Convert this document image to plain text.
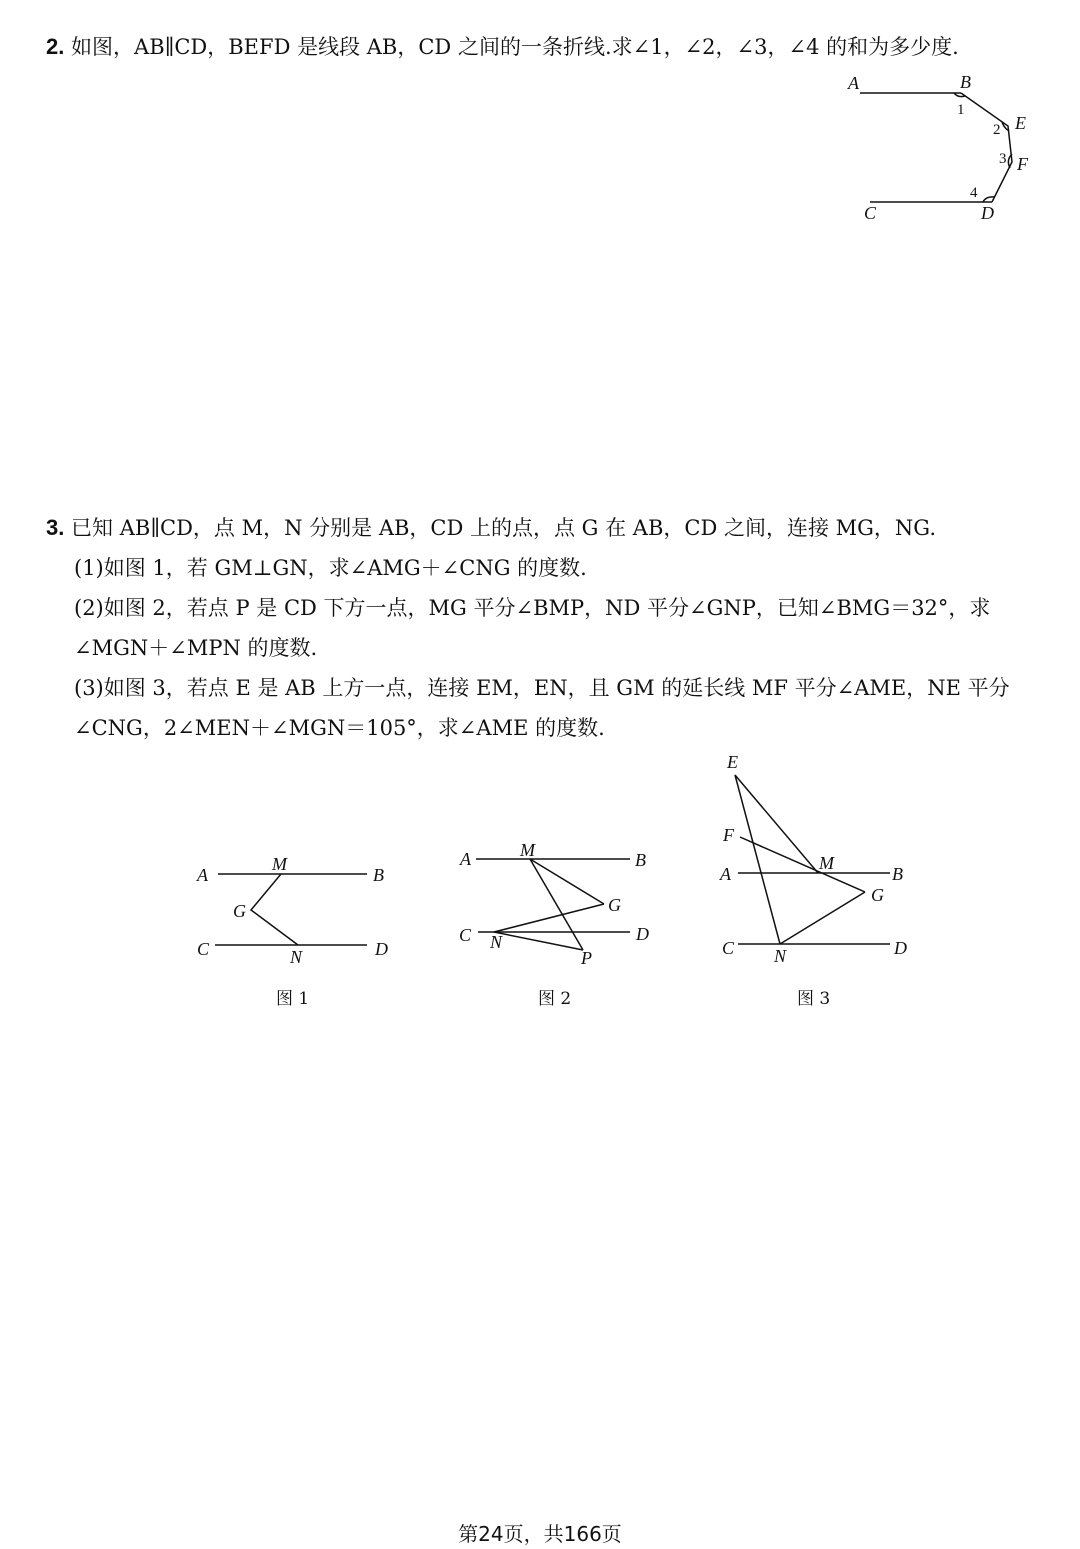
2. 如图，AB∥CD，BEFD 是线段 AB，CD 之间的一条折线.求∠1，∠2，∠3，∠4 的和为多少度.
A	B
E
F
C	D
1
2
3
4
3. 已知 AB∥CD，点 M，N 分别是 AB，CD 上的点，点 G 在 AB，CD 之间，连接 MG，NG.
(1)如图 1，若 GM⊥GN，求∠AMG＋∠CNG 的度数.
(2)如图 2，若点 P 是 CD 下方一点，MG 平分∠BMP，ND 平分∠GNP，已知∠BMG＝32°，求
∠MGN＋∠MPN 的度数.
(3)如图 3，若点 E 是 AB 上方一点，连接 EM，EN，且 GM 的延长线 MF 平分∠AME，NE 平分
∠CNG，2∠MEN＋∠MGN＝105°，求∠AME 的度数.
A
M
B
G
C	N	D
A	M	B
G
C N	D
P
E
F
A
M
B
G
C N	D
图 1	图 2	图 3
第24页，共166页
